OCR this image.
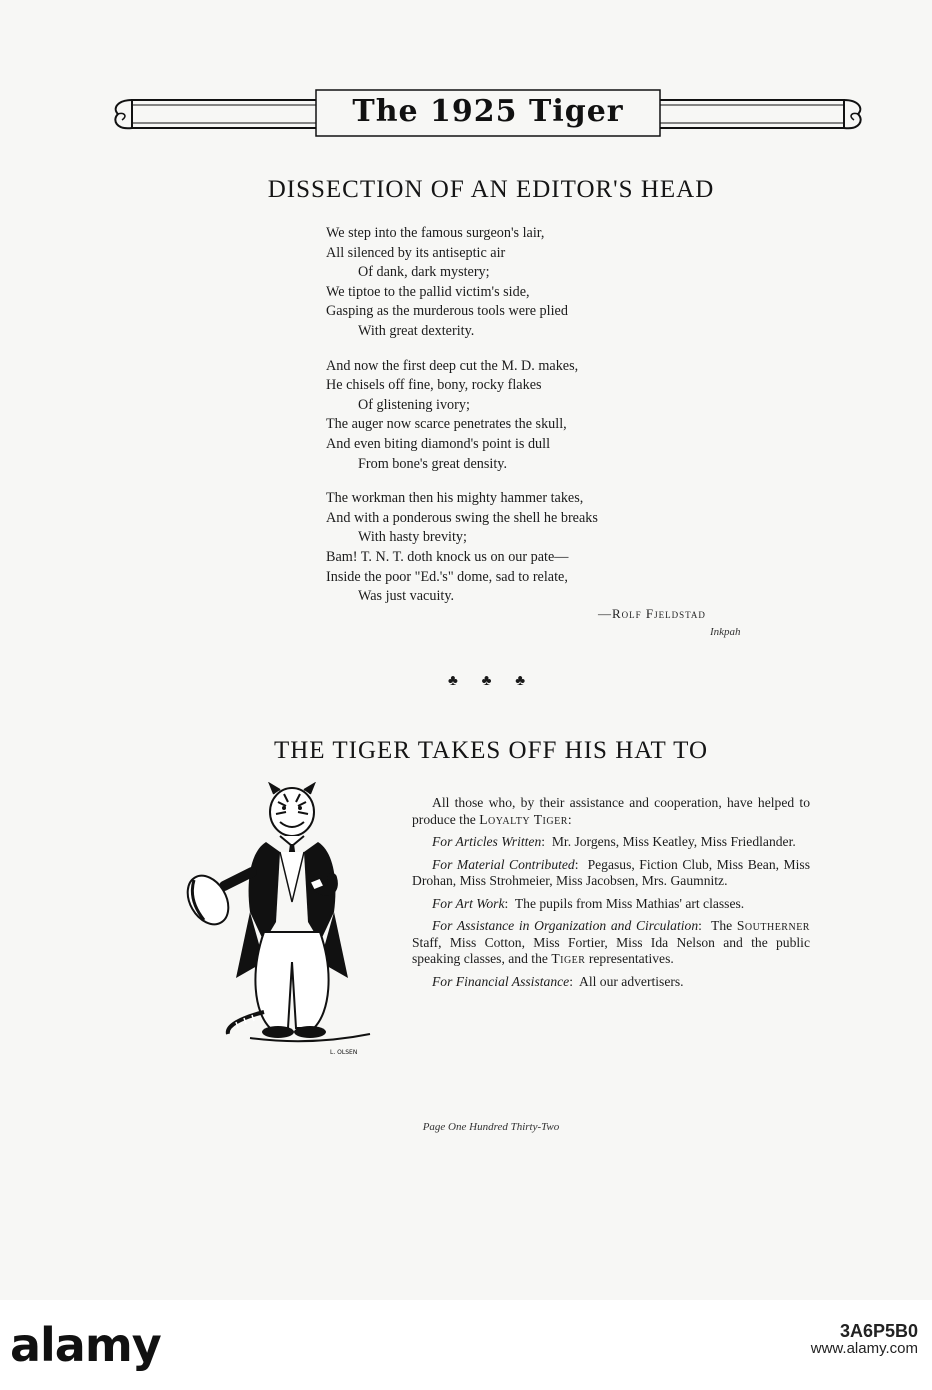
The 1925 Tiger
DISSECTION OF AN EDITOR'S HEAD
We step into the famous surgeon's lair,
All silenced by its antiseptic air
Of dank, dark mystery;
We tiptoe to the pallid victim's side,
Gasping as the murderous tools were plied
With great dexterity.
And now the first deep cut the M. D. makes,
He chisels off fine, bony, rocky flakes
Of glistening ivory;
The auger now scarce penetrates the skull,
And even biting diamond's point is dull
From bone's great density.
The workman then his mighty hammer takes,
And with a ponderous swing the shell he breaks
With hasty brevity;
Bam! T. N. T. doth knock us on our pate—
Inside the poor "Ed.'s" dome, sad to relate,
Was just vacuity.
—Rolf Fjeldstad
Inkpah
♣ ♣ ♣
THE TIGER TAKES OFF HIS HAT TO
L. OLSEN

All those who, by their assistance and cooperation, have helped to produce the Loyalty Tiger:

For Articles Written:  Mr. Jorgens, Miss Keatley, Miss Friedlander.

For Material Contributed:  Pegasus, Fiction Club, Miss Bean, Miss Drohan, Miss Strohmeier, Miss Jacobsen, Mrs. Gaumnitz.

For Art Work:  The pupils from Miss Mathias' art classes.

For Assistance in Organization and Circulation:  The Southerner Staff, Miss Cotton, Miss Fortier, Miss Ida Nelson and the public speaking classes, and the Tiger representatives.

For Financial Assistance:  All our advertisers.

Page One Hundred Thirty-Two
alamy	3A6P5B0
www.alamy.com
